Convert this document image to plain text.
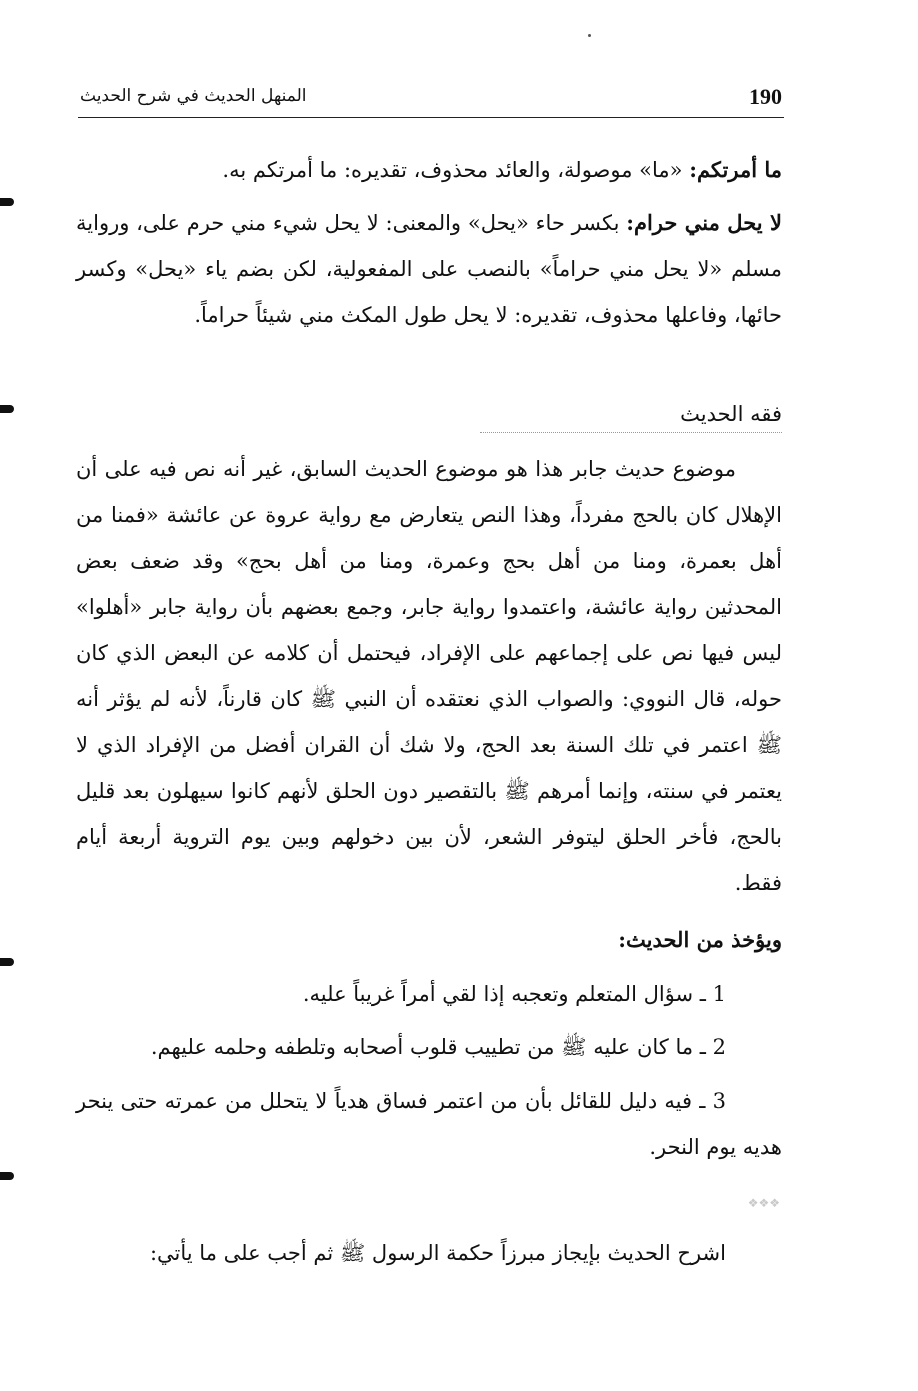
190
المنهل الحديث في شرح الحديث
ما أمرتكم: «ما» موصولة، والعائد محذوف، تقديره: ما أمرتكم به.
لا يحل مني حرام: بكسر حاء «يحل» والمعنى: لا يحل شيء مني حرم على، ورواية مسلم «لا يحل مني حراماً» بالنصب على المفعولية، لكن بضم ياء «يحل» وكسر حائها، وفاعلها محذوف، تقديره: لا يحل طول المكث مني شيئاً حراماً.
فقه الحديث
موضوع حديث جابر هذا هو موضوع الحديث السابق، غير أنه نص فيه على أن الإهلال كان بالحج مفرداً، وهذا النص يتعارض مع رواية عروة عن عائشة «فمنا من أهل بعمرة، ومنا من أهل بحج وعمرة، ومنا من أهل بحج» وقد ضعف بعض المحدثين رواية عائشة، واعتمدوا رواية جابر، وجمع بعضهم بأن رواية جابر «أهلوا» ليس فيها نص على إجماعهم على الإفراد، فيحتمل أن كلامه عن البعض الذي كان حوله، قال النووي: والصواب الذي نعتقده أن النبي ﷺ كان قارناً، لأنه لم يؤثر أنه ﷺ اعتمر في تلك السنة بعد الحج، ولا شك أن القران أفضل من الإفراد الذي لا يعتمر في سنته، وإنما أمرهم ﷺ بالتقصير دون الحلق لأنهم كانوا سيهلون بعد قليل بالحج، فأخر الحلق ليتوفر الشعر، لأن بين دخولهم وبين يوم التروية أربعة أيام فقط.
ويؤخذ من الحديث:
1 ـ سؤال المتعلم وتعجبه إذا لقي أمراً غريباً عليه.
2 ـ ما كان عليه ﷺ من تطييب قلوب أصحابه وتلطفه وحلمه عليهم.
3 ـ فيه دليل للقائل بأن من اعتمر فساق هدياً لا يتحلل من عمرته حتى ينحر هديه يوم النحر.
❖❖❖
اشرح الحديث بإيجاز مبرزاً حكمة الرسول ﷺ ثم أجب على ما يأتي:
